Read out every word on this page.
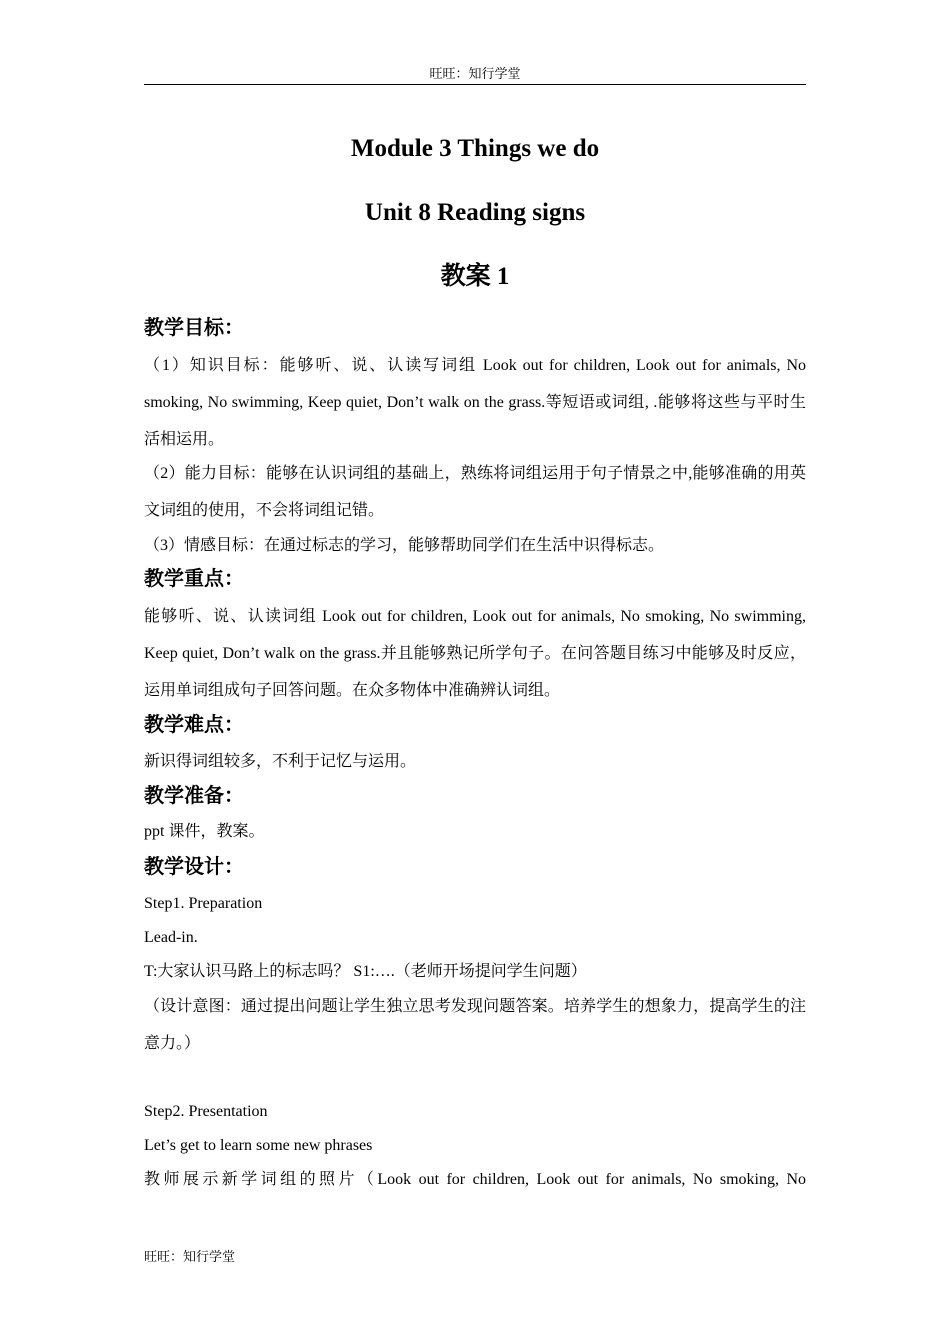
旺旺：知行学堂
Module 3 Things we do
Unit 8 Reading signs
教案 1
教学目标：
（1）知识目标：能够听、说、认读写词组 Look out for children, Look out for animals, No smoking, No swimming, Keep quiet, Don’t walk on the grass.等短语或词组, .能够将这些与平时生活相运用。
（2）能力目标：能够在认识词组的基础上，熟练将词组运用于句子情景之中,能够准确的用英文词组的使用，不会将词组记错。
（3）情感目标：在通过标志的学习，能够帮助同学们在生活中识得标志。
教学重点：
能够听、说、认读词组 Look out for children, Look out for animals, No smoking, No swimming, Keep quiet, Don’t walk on the grass.并且能够熟记所学句子。在问答题目练习中能够及时反应，运用单词组成句子回答问题。在众多物体中准确辨认词组。
教学难点：
新识得词组较多，不利于记忆与运用。
教学准备：
ppt 课件，教案。
教学设计：
Step1. Preparation
Lead-in.
T:大家认识马路上的标志吗？ S1:….（老师开场提问学生问题）
（设计意图：通过提出问题让学生独立思考发现问题答案。培养学生的想象力，提高学生的注意力。）
Step2. Presentation
Let’s get to learn some new phrases
教师展示新学词组的照片（Look out for children, Look out for animals, No smoking, No
旺旺：知行学堂
